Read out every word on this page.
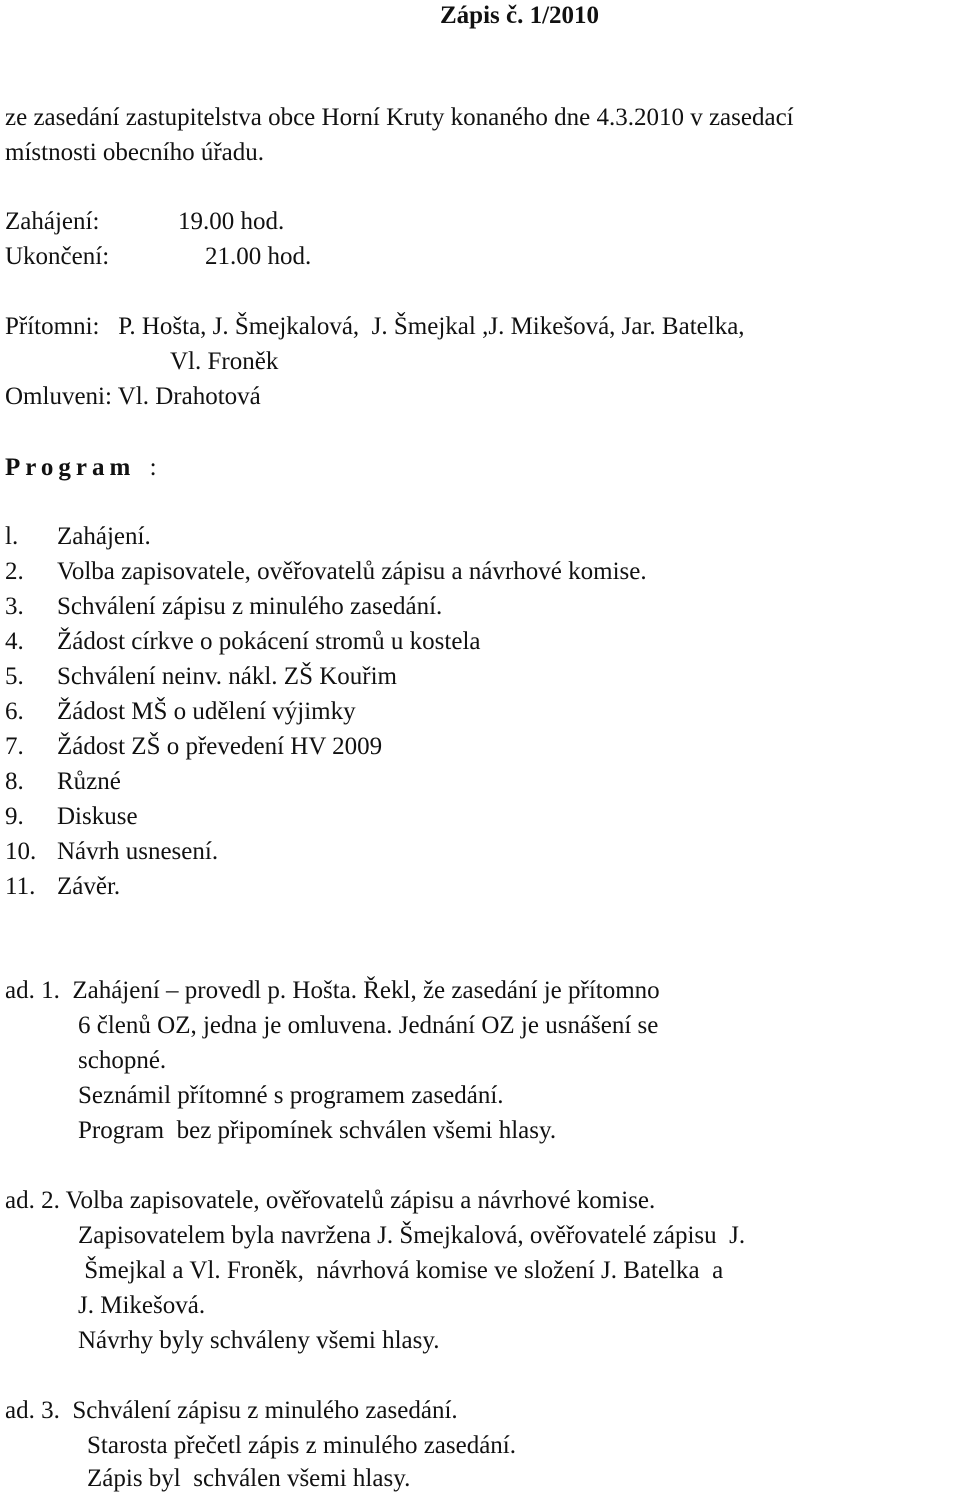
Zápis č. 1/2010
ze zasedání zastupitelstva obce Horní Kruty konaného dne 4.3.2010 v zasedací
místnosti obecního úřadu.
Zahájení:	19.00 hod.
Ukončení:	21.00 hod.
Přítomni:   P. Hošta, J. Šmejkalová,  J. Šmejkal ,J. Mikešová, Jar. Batelka,
Vl. Froněk
Omluveni: Vl. Drahotová
Program :
l. Zahájení.
2. Volba zapisovatele, ověřovatelů zápisu a návrhové komise.
3. Schválení zápisu z minulého zasedání.
4. Žádost církve o pokácení stromů u kostela
5. Schválení neinv. nákl. ZŠ Kouřim
6. Žádost MŠ o udělení výjimky
7. Žádost ZŠ o převedení HV 2009
8. Různé
9. Diskuse
10. Návrh usnesení.
11. Závěr.
ad. 1.  Zahájení – provedl p. Hošta. Řekl, že zasedání je přítomno
6 členů OZ, jedna je omluvena. Jednání OZ je usnášení se
schopné.
Seznámil přítomné s programem zasedání.
Program  bez připomínek schválen všemi hlasy.
ad. 2. Volba zapisovatele, ověřovatelů zápisu a návrhové komise.
Zapisovatelem byla navržena J. Šmejkalová, ověřovatelé zápisu  J.
Šmejkal a Vl. Froněk,  návrhová komise ve složení J. Batelka  a
J. Mikešová.
Návrhy byly schváleny všemi hlasy.
ad. 3.  Schválení zápisu z minulého zasedání.
Starosta přečetl zápis z minulého zasedání.
Zápis byl  schválen všemi hlasy.
